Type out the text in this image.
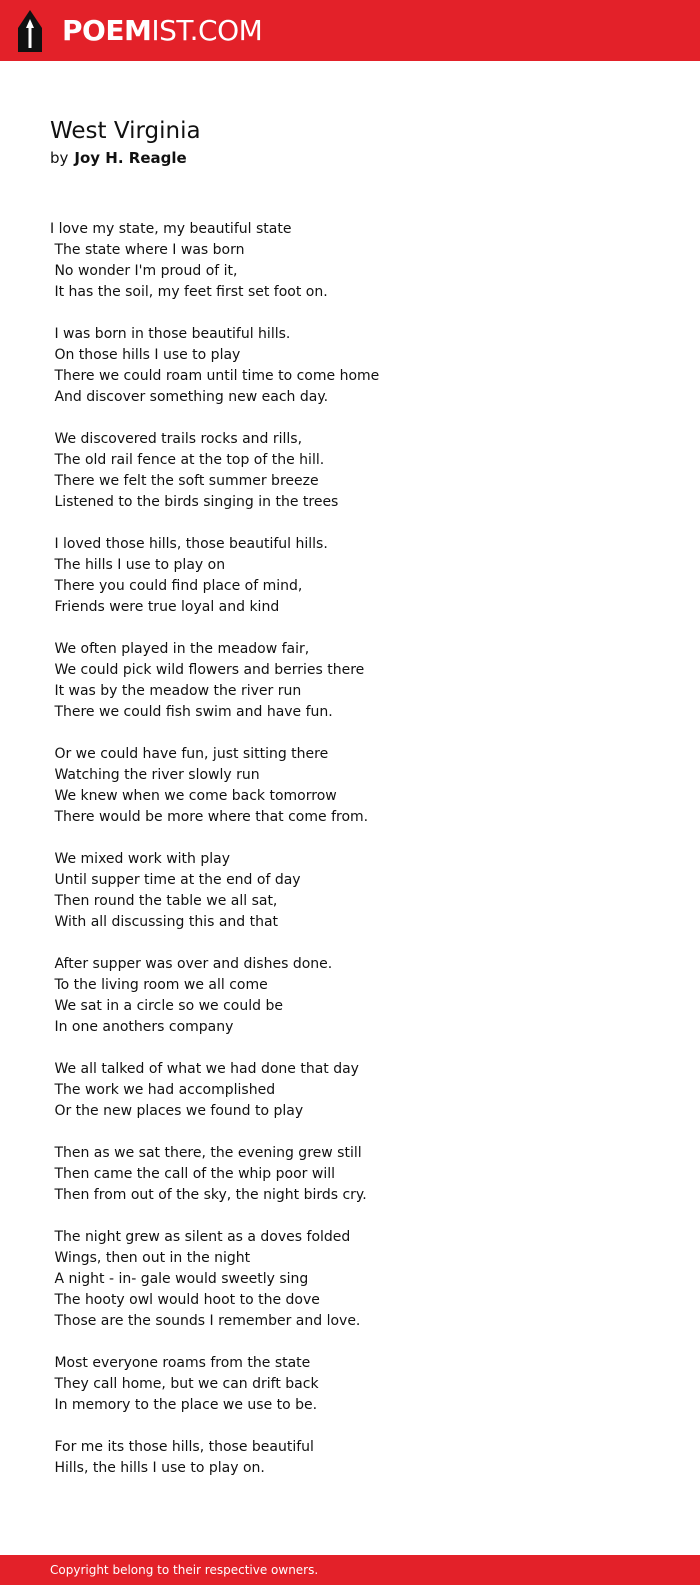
POEMIST.COM
West Virginia
by Joy H. Reagle
I love my state, my beautiful state
The state where I was born
No wonder I'm proud of it,
It has the soil, my feet first set foot on.

I was born in those beautiful hills.
On those hills I use to play
There we could roam until time to come home
And discover something new each day.

We discovered trails rocks and rills,
The old rail fence at the top of the hill.
There we felt the soft summer breeze
Listened to the birds singing in the trees

I loved those hills, those beautiful hills.
The hills I use to play on
There you could find place of mind,
Friends were true loyal and kind

We often played in the meadow fair,
We could pick wild flowers and berries there
It was by the meadow the river run
There we could fish swim and have fun.

Or we could have fun, just sitting there
Watching the river slowly run
We knew when we come back tomorrow
There would be more where that come from.

We mixed work with play
Until supper time at the end of day
Then round the table we all sat,
With all discussing this and that

After supper was over and dishes done.
To the living room we all come
We sat in a circle so we could be
In one anothers company

We all talked of what we had done that day
The work we had accomplished
Or the new places we found to play

Then as we sat there, the evening grew still
Then came the call of the whip poor will
Then from out of the sky, the night birds cry.

The night grew as silent as a doves folded
Wings, then out in the night
A night - in- gale would sweetly sing
The hooty owl would hoot to the dove
Those are the sounds I remember and love.

Most everyone roams from the state
They call home, but we can drift back
In memory to the place we use to be.

For me its those hills, those beautiful
Hills, the hills I use to play on.
Copyright belong to their respective owners.
